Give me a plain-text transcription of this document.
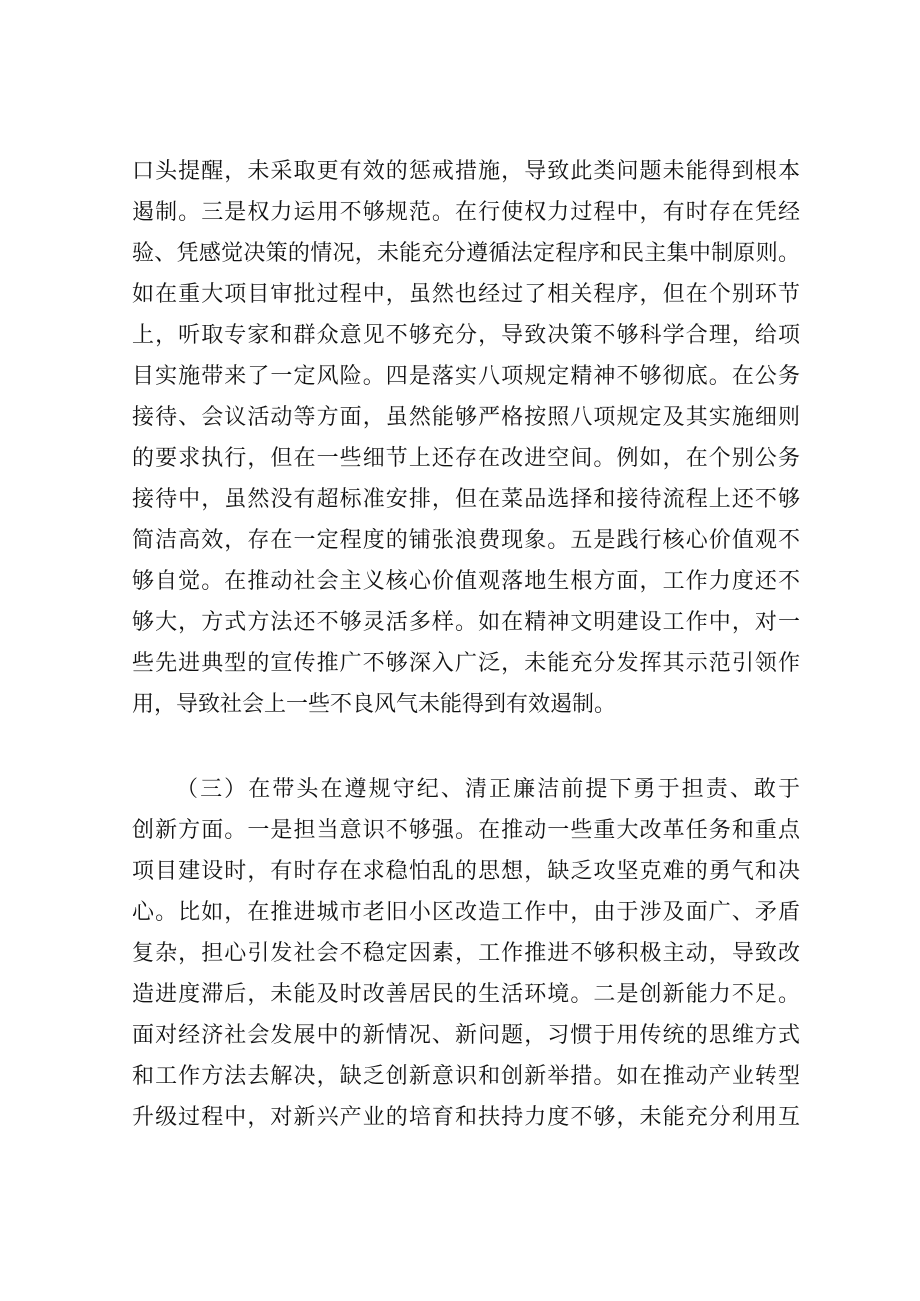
口头提醒，未采取更有效的惩戒措施，导致此类问题未能得到根本
遏制。三是权力运用不够规范。在行使权力过程中，有时存在凭经
验、凭感觉决策的情况，未能充分遵循法定程序和民主集中制原则。
如在重大项目审批过程中，虽然也经过了相关程序，但在个别环节
上，听取专家和群众意见不够充分，导致决策不够科学合理，给项
目实施带来了一定风险。四是落实八项规定精神不够彻底。在公务
接待、会议活动等方面，虽然能够严格按照八项规定及其实施细则
的要求执行，但在一些细节上还存在改进空间。例如，在个别公务
接待中，虽然没有超标准安排，但在菜品选择和接待流程上还不够
简洁高效，存在一定程度的铺张浪费现象。五是践行核心价值观不
够自觉。在推动社会主义核心价值观落地生根方面，工作力度还不
够大，方式方法还不够灵活多样。如在精神文明建设工作中，对一
些先进典型的宣传推广不够深入广泛，未能充分发挥其示范引领作
用，导致社会上一些不良风气未能得到有效遏制。
（三）在带头在遵规守纪、清正廉洁前提下勇于担责、敢于
创新方面。一是担当意识不够强。在推动一些重大改革任务和重点
项目建设时，有时存在求稳怕乱的思想，缺乏攻坚克难的勇气和决
心。比如，在推进城市老旧小区改造工作中，由于涉及面广、矛盾
复杂，担心引发社会不稳定因素，工作推进不够积极主动，导致改
造进度滞后，未能及时改善居民的生活环境。二是创新能力不足。
面对经济社会发展中的新情况、新问题，习惯于用传统的思维方式
和工作方法去解决，缺乏创新意识和创新举措。如在推动产业转型
升级过程中，对新兴产业的培育和扶持力度不够，未能充分利用互
